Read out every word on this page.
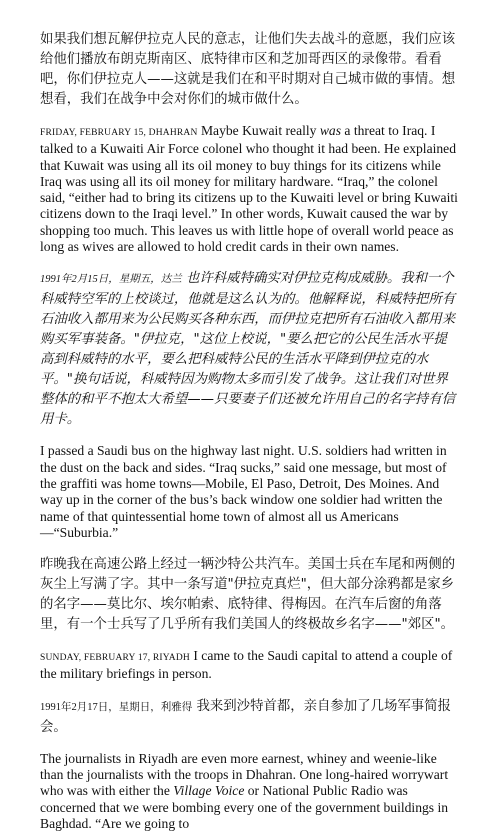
如果我们想瓦解伊拉克人民的意志，让他们失去战斗的意愿，我们应该给他们播放布朗克斯南区、底特律市区和芝加哥西区的录像带。看看吧，你们伊拉克人——这就是我们在和平时期对自己城市做的事情。想想看，我们在战争中会对你们的城市做什么。

FRIDAY, FEBRUARY 15, DHAHRAN Maybe Kuwait really was a threat to Iraq. I talked to a Kuwaiti Air Force colonel who thought it had been. He explained that Kuwait was using all its oil money to buy things for its citizens while Iraq was using all its oil money for military hardware. “Iraq,” the colonel said, “either had to bring its citizens up to the Kuwaiti level or bring Kuwaiti citizens down to the Iraqi level.” In other words, Kuwait caused the war by shopping too much. This leaves us with little hope of overall world peace as long as wives are allowed to hold credit cards in their own names.

1991年2月15日，星期五，达兰 也许科威特确实对伊拉克构成威胁。我和一个科威特空军的上校谈过，他就是这么认为的。他解释说，科威特把所有石油收入都用来为公民购买各种东西，而伊拉克把所有石油收入都用来购买军事装备。"伊拉克，"这位上校说，"要么把它的公民生活水平提高到科威特的水平，要么把科威特公民的生活水平降到伊拉克的水平。"换句话说，科威特因为购物太多而引发了战争。这让我们对世界整体的和平不抱太大希望——只要妻子们还被允许用自己的名字持有信用卡。

I passed a Saudi bus on the highway last night. U.S. soldiers had written in the dust on the back and sides. “Iraq sucks,” said one message, but most of the graffiti was home towns—Mobile, El Paso, Detroit, Des Moines. And way up in the corner of the bus’s back window one soldier had written the name of that quintessential home town of almost all us Americans—“Suburbia.”

昨晚我在高速公路上经过一辆沙特公共汽车。美国士兵在车尾和两侧的灰尘上写满了字。其中一条写道"伊拉克真烂"，但大部分涂鸦都是家乡的名字——莫比尔、埃尔帕索、底特律、得梅因。在汽车后窗的角落里，有一个士兵写了几乎所有我们美国人的终极故乡名字——"郊区"。

SUNDAY, FEBRUARY 17, RIYADH I came to the Saudi capital to attend a couple of the military briefings in person.

1991年2月17日，星期日，利雅得 我来到沙特首都，亲自参加了几场军事简报会。

The journalists in Riyadh are even more earnest, whiney and weenie-like than the journalists with the troops in Dhahran. One long-haired worrywart who was with either the Village Voice or National Public Radio was concerned that we were bombing every one of the government buildings in Baghdad. “Are we going to
